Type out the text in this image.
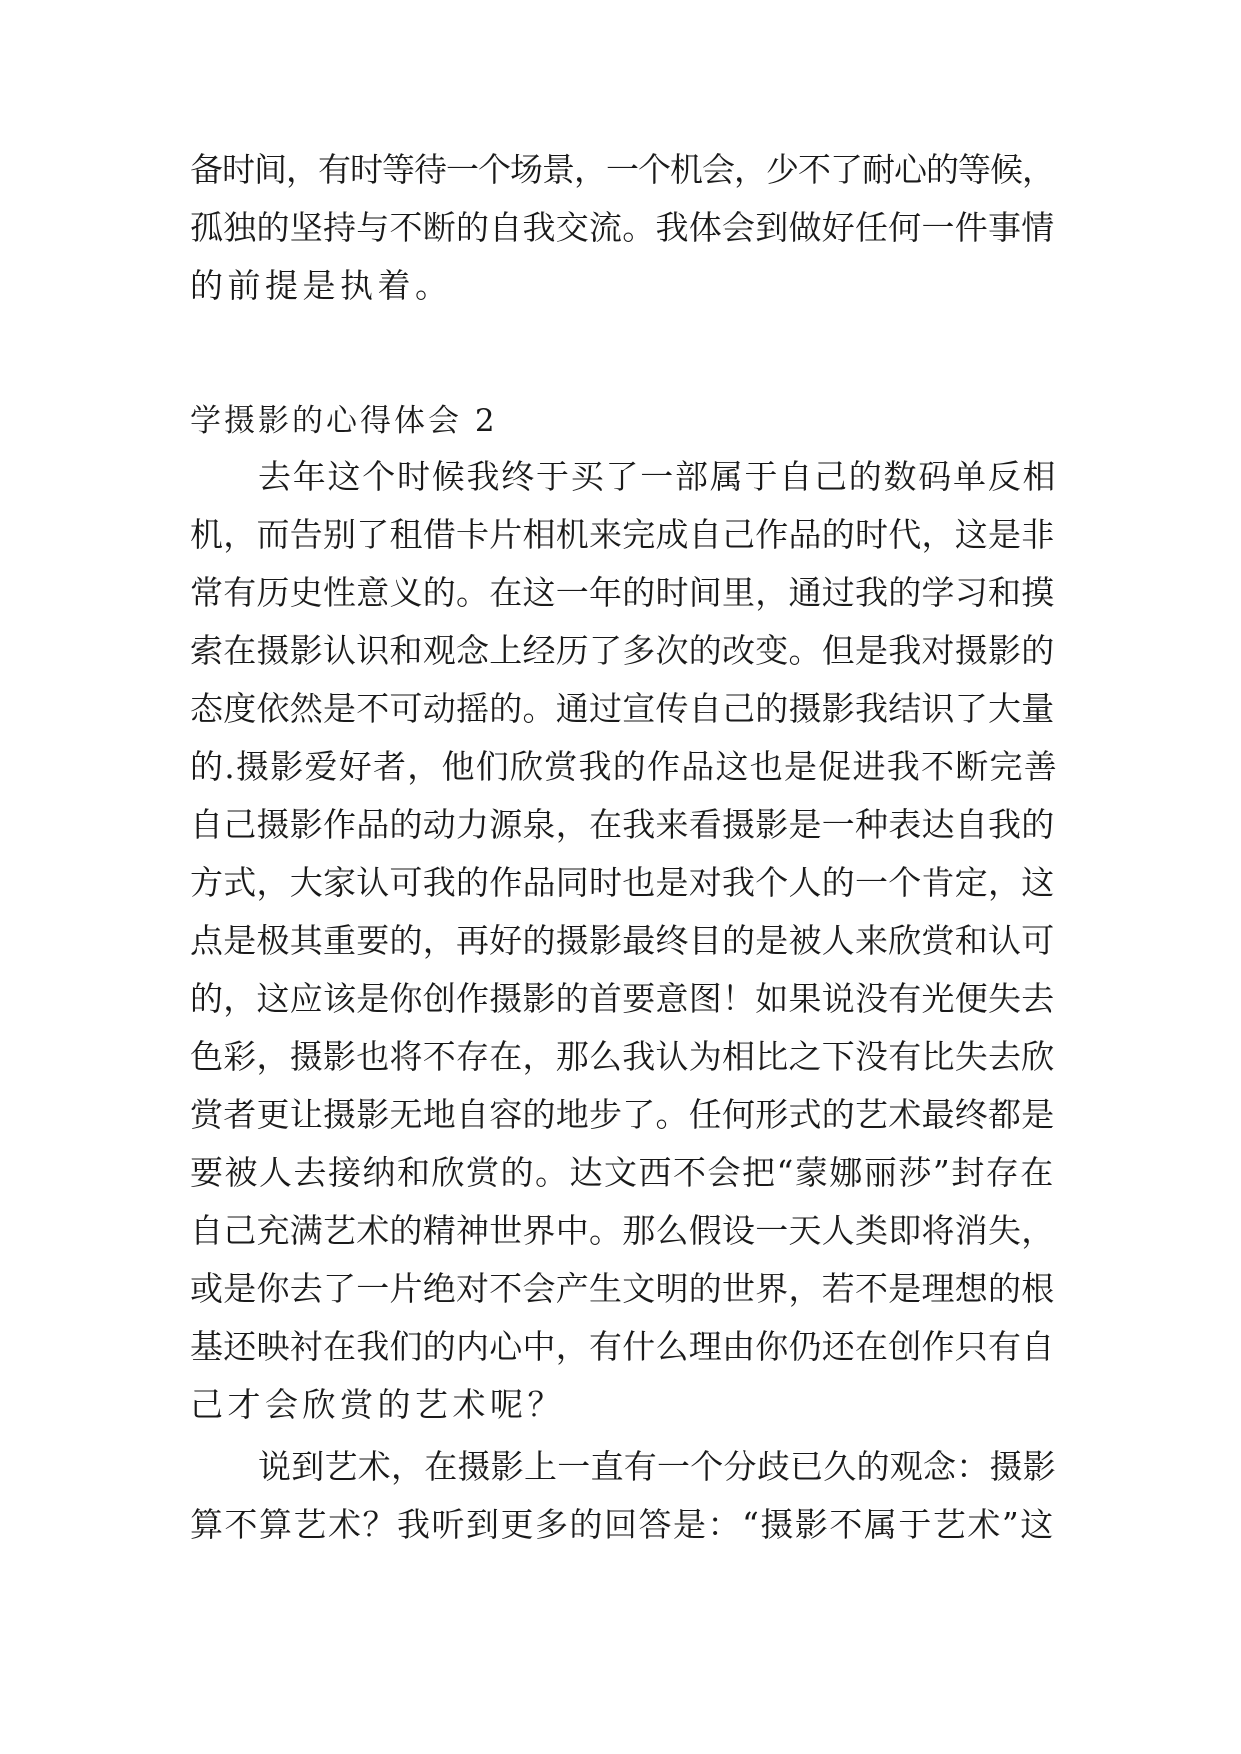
备时间，有时等待一个场景，一个机会，少不了耐心的等候，
孤独的坚持与不断的自我交流。我体会到做好任何一件事情
的前提是执着。
学摄影的心得体会 2
去年这个时候我终于买了一部属于自己的数码单反相
机，而告别了租借卡片相机来完成自己作品的时代，这是非
常有历史性意义的。在这一年的时间里，通过我的学习和摸
索在摄影认识和观念上经历了多次的改变。但是我对摄影的
态度依然是不可动摇的。通过宣传自己的摄影我结识了大量
的.摄影爱好者，他们欣赏我的作品这也是促进我不断完善
自己摄影作品的动力源泉，在我来看摄影是一种表达自我的
方式，大家认可我的作品同时也是对我个人的一个肯定，这
点是极其重要的，再好的摄影最终目的是被人来欣赏和认可
的，这应该是你创作摄影的首要意图！如果说没有光便失去
色彩，摄影也将不存在，那么我认为相比之下没有比失去欣
赏者更让摄影无地自容的地步了。任何形式的艺术最终都是
要被人去接纳和欣赏的。达文西不会把“蒙娜丽莎”封存在
自己充满艺术的精神世界中。那么假设一天人类即将消失，
或是你去了一片绝对不会产生文明的世界，若不是理想的根
基还映衬在我们的内心中，有什么理由你仍还在创作只有自
己才会欣赏的艺术呢？
说到艺术，在摄影上一直有一个分歧已久的观念：摄影
算不算艺术？我听到更多的回答是：“摄影不属于艺术”这
